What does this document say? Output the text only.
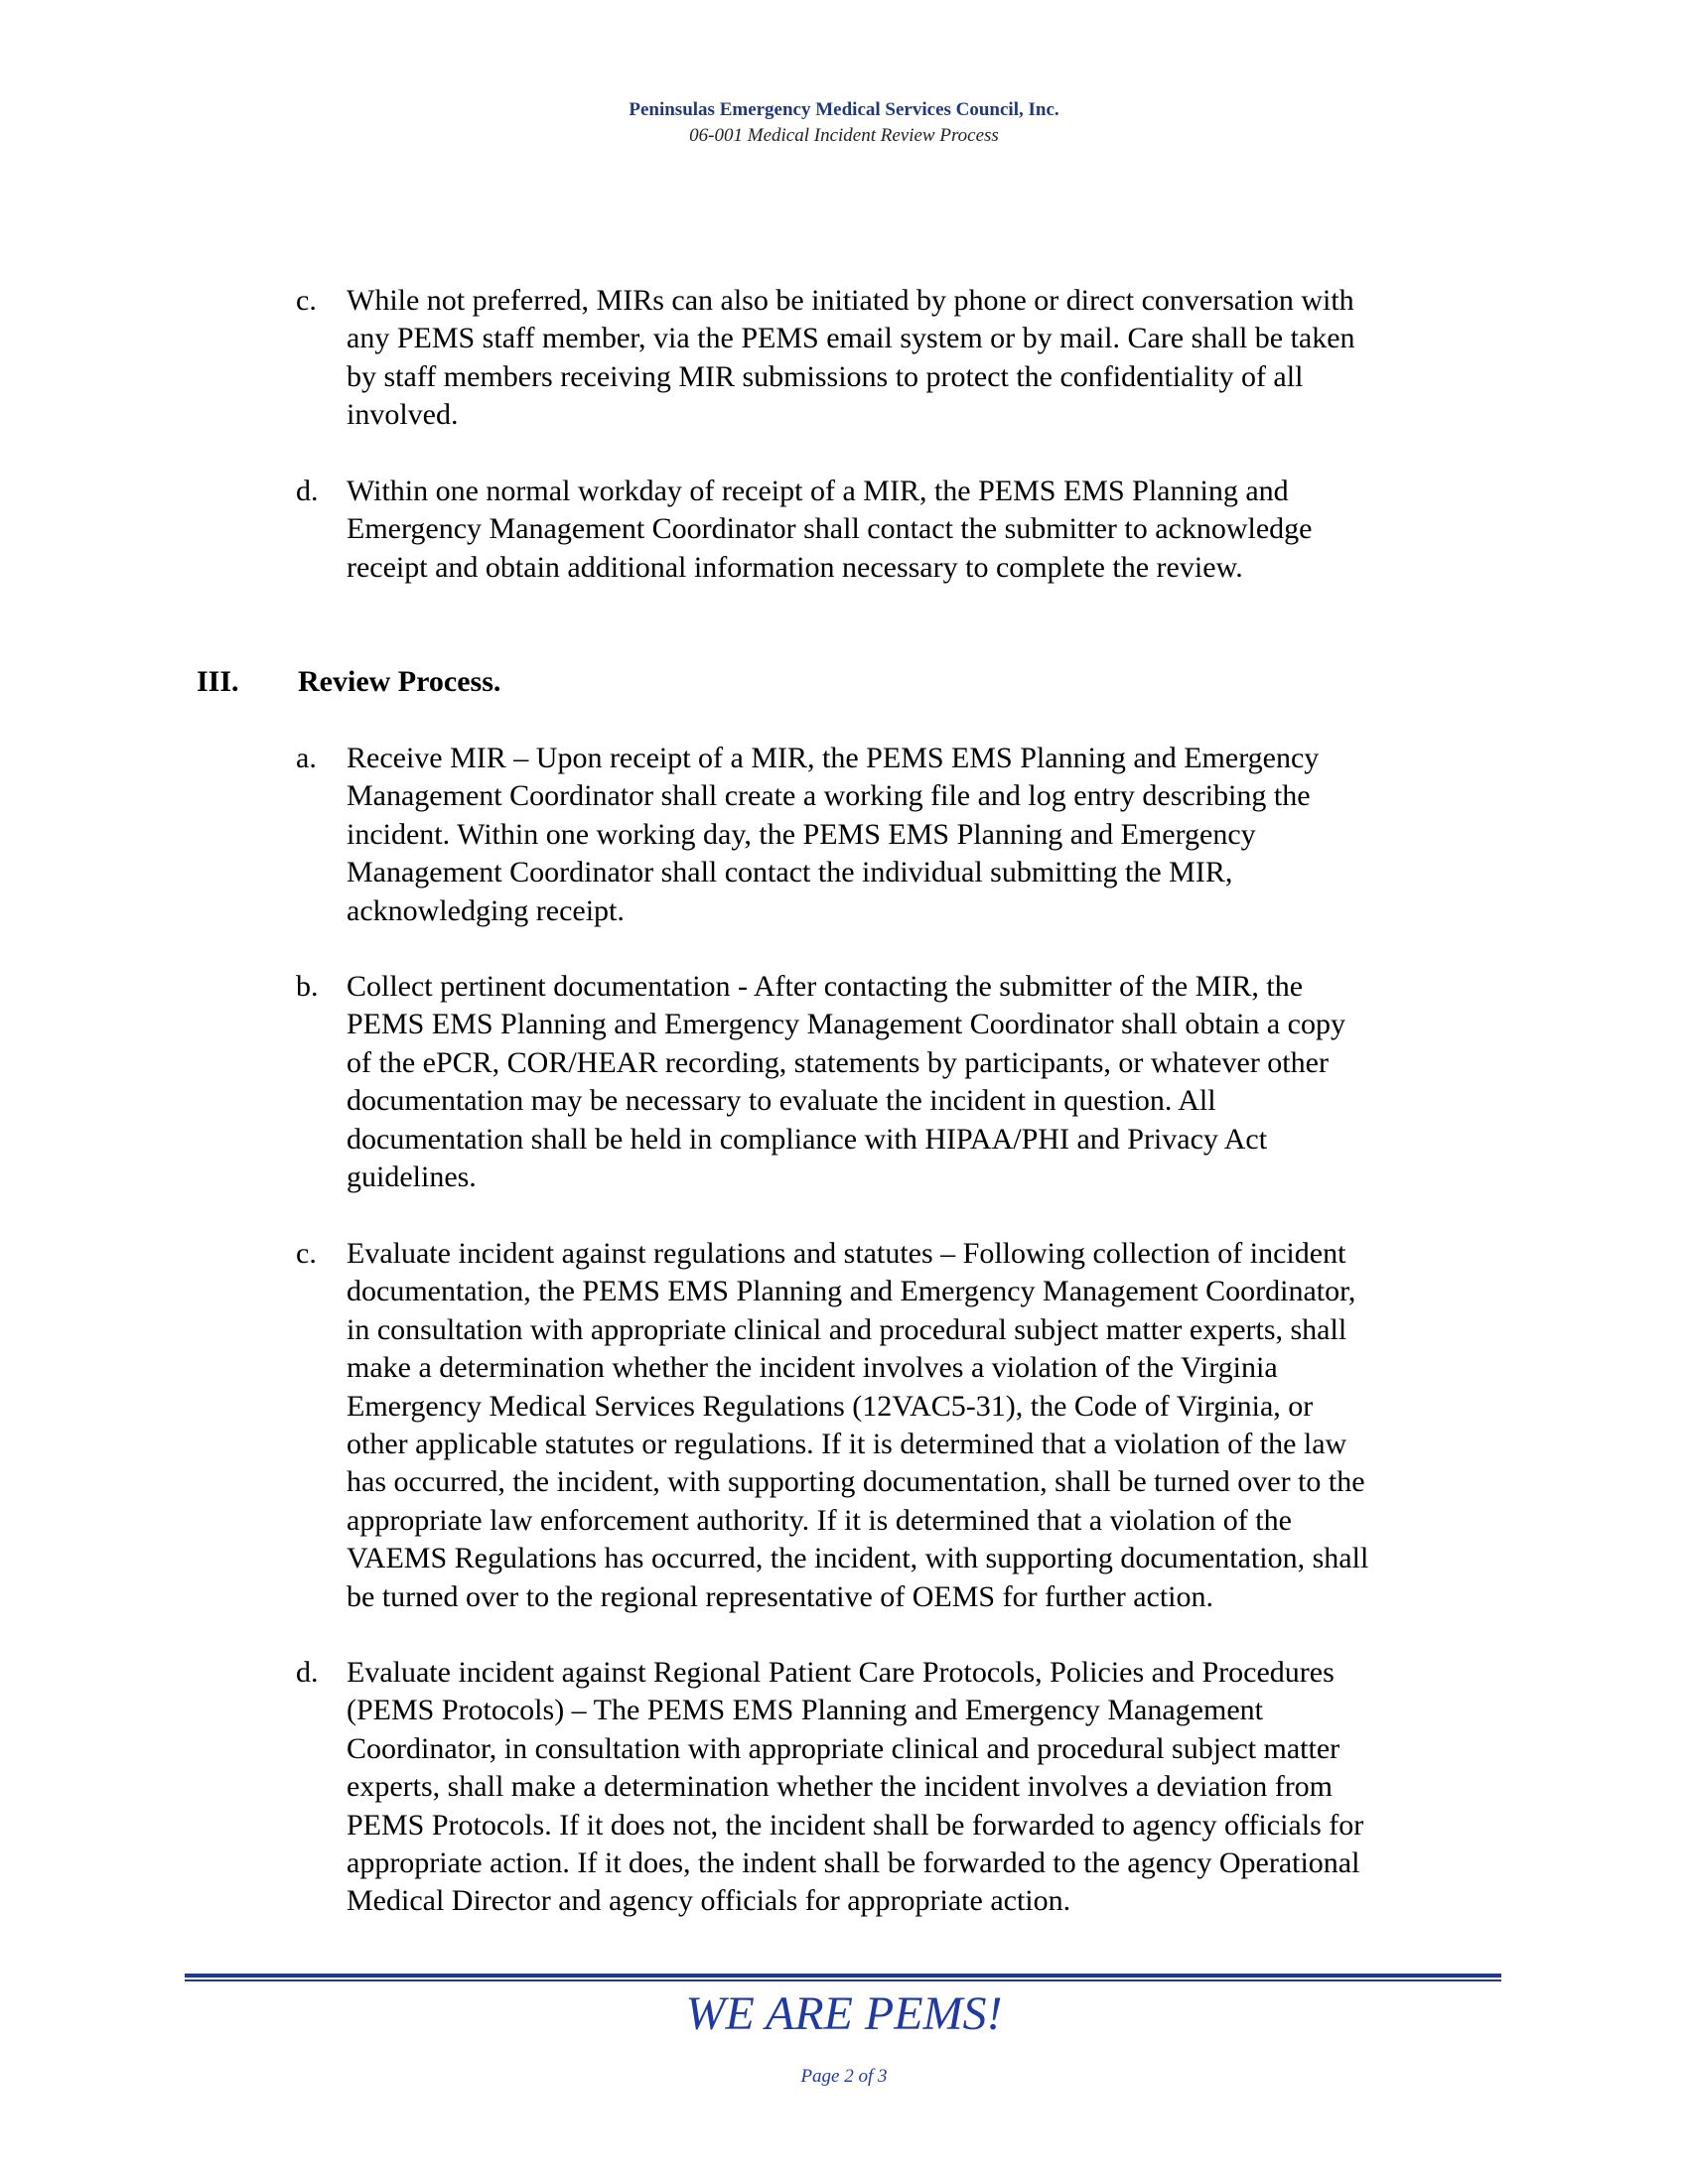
Peninsulas Emergency Medical Services Council, Inc.
06-001 Medical Incident Review Process
c. While not preferred, MIRs can also be initiated by phone or direct conversation with
any PEMS staff member, via the PEMS email system or by mail. Care shall be taken
by staff members receiving MIR submissions to protect the confidentiality of all
involved.
d. Within one normal workday of receipt of a MIR, the PEMS EMS Planning and
Emergency Management Coordinator shall contact the submitter to acknowledge
receipt and obtain additional information necessary to complete the review.
III. Review Process.
a. Receive MIR – Upon receipt of a MIR, the PEMS EMS Planning and Emergency
Management Coordinator shall create a working file and log entry describing the
incident. Within one working day, the PEMS EMS Planning and Emergency
Management Coordinator shall contact the individual submitting the MIR,
acknowledging receipt.
b. Collect pertinent documentation - After contacting the submitter of the MIR, the
PEMS EMS Planning and Emergency Management Coordinator shall obtain a copy
of the ePCR, COR/HEAR recording, statements by participants, or whatever other
documentation may be necessary to evaluate the incident in question. All
documentation shall be held in compliance with HIPAA/PHI and Privacy Act
guidelines.
c. Evaluate incident against regulations and statutes – Following collection of incident
documentation, the PEMS EMS Planning and Emergency Management Coordinator,
in consultation with appropriate clinical and procedural subject matter experts, shall
make a determination whether the incident involves a violation of the Virginia
Emergency Medical Services Regulations (12VAC5-31), the Code of Virginia, or
other applicable statutes or regulations. If it is determined that a violation of the law
has occurred, the incident, with supporting documentation, shall be turned over to the
appropriate law enforcement authority. If it is determined that a violation of the
VAEMS Regulations has occurred, the incident, with supporting documentation, shall
be turned over to the regional representative of OEMS for further action.
d. Evaluate incident against Regional Patient Care Protocols, Policies and Procedures
(PEMS Protocols) – The PEMS EMS Planning and Emergency Management
Coordinator, in consultation with appropriate clinical and procedural subject matter
experts, shall make a determination whether the incident involves a deviation from
PEMS Protocols. If it does not, the incident shall be forwarded to agency officials for
appropriate action. If it does, the indent shall be forwarded to the agency Operational
Medical Director and agency officials for appropriate action.
WE ARE PEMS!
Page 2 of 3
